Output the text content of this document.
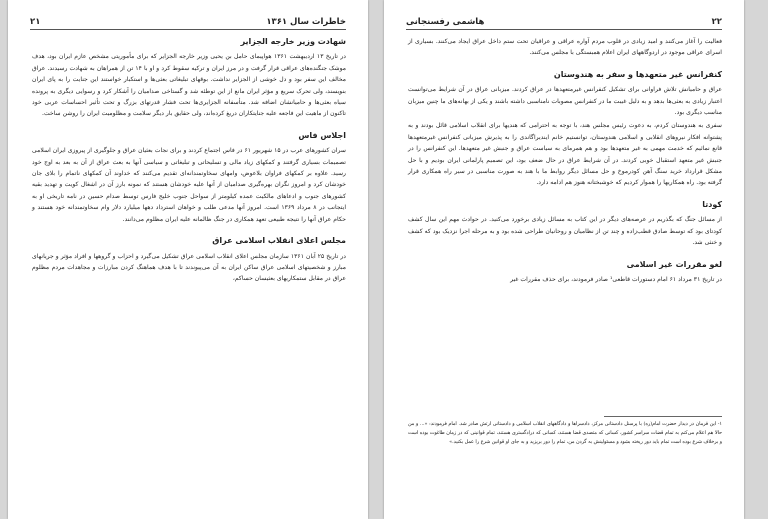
خاطرات سال ۱۳۶۱
۲۱
شهادت وزیر خارجه الجزایر

در تاریخ ۱۳ اردیبهشت ۱۳۶۱ هواپیمای حامل بن یحیی وزیر خارجه الجزایر که برای مأموریتی مشخص عازم ایران بود، هدف موشک جنگنده‌های عراقی قرار گرفت و در مرز ایران و ترکیه سقوط کرد و او با ۱۴ تن از همراهان به شهادت رسیدند. عراق مخالف این سفر بود و دل خوشی از الجزایر نداشت. بوقهای تبلیغاتی بعثی‌ها و استکبار خواستند این جنایت را به پای ایران بنویسند، ولی تحرک سریع و مؤثر ایران مانع از این توطئه شد و گستاخی صدامیان را آشکار کرد و رسوایی دیگری به پرونده سیاه بعثی‌ها و حامیانشان اضافه شد. متأسفانه الجزایری‌ها تحت فشار قدرتهای بزرگ و تحت تأثیر احساسات عربی خود تاکنون از ماهیت این فاجعه علیه جنایتکاران دریغ کرده‌اند، ولی حقایق بار دیگر سلامت و مظلومیت ایران را روشن ساخت.

اجلاس فاس

سران کشورهای عرب در ۱۵ شهریور ۶۱ در فاس اجتماع کردند و برای نجات بعثیان عراق و جلوگیری از پیروزی ایران اسلامی تصمیمات بسیاری گرفتند و کمکهای زیاد مالی و تسلیحاتی و تبلیغاتی و سیاسی آنها به بعث عراق از آن به بعد به اوج خود رسید. علاوه بر کمکهای فراوان بلاعوض، وامهای سخاوتمندانه‌ای تقدیم می‌کنند که خداوند آن کمکهای ناتمام را بلای جان خودشان کرد و امروز نگران بهره‌گیری صدامیان از آنها علیه خودشان هستند که نمونه بارز آن در اشغال کویت و تهدید بقیه کشورهای جنوب و ادعاهای مالکیت عمده کیلومتر از سواحل جنوب خلیج فارس توسط صدام حسین در نامه تاریخی او به ایتجانب در ۸ مرداد ۱۳۶۹ است. امروز آنها مدعی طلب و خواهان استرداد دهها میلیارد دلار وام سخاوتمندانه خود هستند و حکام عراق آنها را نتیجه طبیعی تعهد همکاری در جنگ ظالمانه علیه ایران مظلوم می‌دانند.

مجلس اعلای انقلاب اسلامی عراق

در تاریخ ۲۵ آبان ۱۳۶۱ سازمان مجلس اعلای انقلاب اسلامی عراق تشکیل می‌گیرد و احزاب و گروهها و افراد مؤثر و جریانهای مبارز و شخصیتهای اسلامی عراق ساکن ایران به آن می‌پیوندند تا با هدف هماهنگ کردن مبارزات و مجاهدات مردم مظلوم عراق در مقابل ستمکاریهای بعثیسان حساکم،

۲۲
هاشمی رفسنجانی

فعالیت را آغاز می‌کنند و امید زیادی در قلوب مردم آواره عراقی و عراقیان تحت ستم داخل عراق ایجاد می‌کنند. بسیاری از اسرای عراقی موجود در اردوگاههای ایران اعلام همبستگی با مجلس می‌کنند.

کنفرانس غیر متعهدها و سفر به هندوستان

عراق و حامیانش تلاش فراوانی برای تشکیل کنفرانس غیرمتعهدها در عراق کردند. میزبانی عراق در آن شرایط می‌توانست اعتبار زیادی به بعثی‌ها بدهد و به دلیل غیبت ما در کنفرانس مصوبات نامناسبی داشته باشند و یکی از بهانه‌های ما چنین میزبان مناسب دیگری بود.

سفری به هندوستان کردم، به دعوت رئیس مجلس هند، با توجه به احترامی که هندیها برای انقلاب اسلامی قائل بودند و به پشتوانه افکار نیروهای انقلابی و اسلامی هندوستان، توانستیم خانم ایندیراگاندی را به پذیرش میزبانی کنفرانس غیرمتعهدها قانع نمائیم که خدمت مهمی به غیر متعهدها بود و هم همرمای به سیاست عراق و جنبش غیر متعهدها. این کنفرانس را در جنبش غیر متعهد استقبال خوبی کردند. در آن شرایط عراق در حال ضعف بود، این تصمیم پارلمانی ایران بودیم و با حل مشکل قرارداد خرید سنگ آهن کودرموخ و حل مسائل دیگر روابط ما با هند به صورت مناسبی در سیر راه همکاری قرار گرفته بود. راه همکاریها را هموار کردیم که خوشبختانه هنوز هم ادامه دارد.

کودتا

از مسائل جنگ که بگذریم در عرصه‌های دیگر در این کتاب به مسائل زیادی برخورد می‌کنید. در حوادث مهم این سال کشف کودتای بود که توسط صادق قطب‌زاده و چند تن از نظامیان و روحانیان طراحی شده بود و به مرحله اجرا نزدیک بود که کشف و خنثی شد.

لغو مقررات غیر اسلامی

در تاریخ ۳۱ مرداد ۶۱ امام دستورات قاطعی¹ صادر فرمودند، برای حذف مقررات غیر

۱- این فرمان در دیدار حضرت امام(ره) با پرسنل دادستانی مرکز، دادسراها و دادگاههای انقلاب اسلامی و دادستانی ارتش صادر شد. امام فرمودند: «... و من حالا هم اعلام می‌کنم به تمام قضات سراسر کشور، کسانی که متصدی قضا هستند، کسانی که درادگستری هستند، تمام قوانینی که در زمان طاغوت بوده است و برخلاف شرع بوده است تمام باید دور ریخته بشود و مسئولینش به گردن من، تمام را دور بریزید و به جای او قوانین شرع را عمل بکنید.»
